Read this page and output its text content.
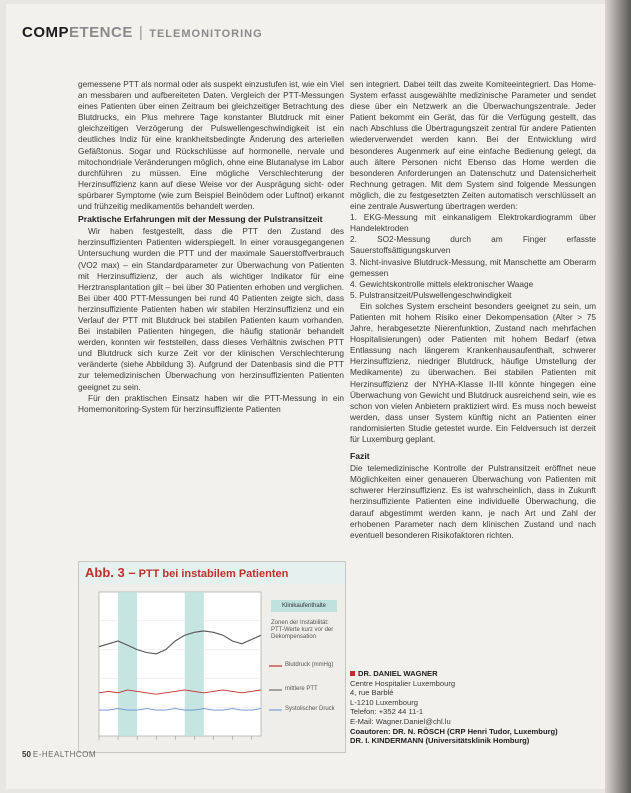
COMPETENCE | TELEMONITORING

gemessene PTT als normal oder als suspekt einzustufen ist, wie ein Viel an messbaren und aufbereiteten Daten. Vergleich der PTT-Messungen eines Patienten über einen Zeitraum bei gleichzeitiger Betrachtung des Blutdrucks, ein Plus mehrere Tage konstanter Blutdruck mit einer gleichzeitigen Verzögerung der Pulswellengeschwindigkeit ist ein deutliches Indiz für eine krankheitsbedingte Änderung des arteriellen Gefäßtonus. Sogar und Rückschlüsse auf hormonelle, nervale und mitochondriale Veränderungen möglich, ohne eine Blutanalyse im Labor durchführen zu müssen. Eine mögliche Verschlechterung der Herzinsuffizienz kann auf diese Weise vor der Ausprägung sicht- oder spürbarer Symptome (wie zum Beispiel Beinödem oder Luftnot) erkannt und frühzeitig medikamentös behandelt werden.

Praktische Erfahrungen mit der Messung der Pulstransitzeit

Wir haben festgestellt, dass die PTT den Zustand des herzinsuffizienten Patienten widerspiegelt. In einer vorausgegangenen Untersuchung wurden die PTT und der maximale Sauerstoffverbrauch (VO2 max) – ein Standardparameter zur Überwachung von Patienten mit Herzinsuffizienz, der auch als wichtiger Indikator für eine Herztransplantation gilt – bei über 30 Patienten erhoben und verglichen. Bei über 400 PTT-Messungen bei rund 40 Patienten zeigte sich, dass herzinsuffiziente Patienten haben wir stabilen Herzinsuffizienz und ein Verlauf der PTT mit Blutdruck bei stabilen Patienten kaum vorhanden. Bei instabilen Patienten hingegen, die häufig stationär behandelt werden, konnten wir feststellen, dass dieses Verhältnis zwischen PTT und Blutdruck sich kurze Zeit vor der klinischen Verschlechterung veränderte (siehe Abbildung 3). Aufgrund der Datenbasis sind die PTT zur telemedizinischen Überwachung von herzinsuffizienten Patienten geeignet zu sein.

Für den praktischen Einsatz haben wir die PTT-Messung in ein Homemonitoring-System für herzinsuffiziente Patienten

sen integriert. Dabei teilt das zweite Komiteeintegriert. Das Home-System erfasst ausgewählte medizinische Parameter und sendet diese über ein Netzwerk an die Überwachungszentrale. Jeder Patient bekommt ein Gerät, das für die Verfügung gestellt, das nach Abschluss die Übertragungszeit zentral für andere Patienten wiederverwendet werden kann. Bei der Entwicklung wird besonderes Augenmerk auf eine einfache Bedienung gelegt, da auch ältere Personen nicht Ebenso das Home werden die besonderen Anforderungen an Datenschutz und Datensicherheit Rechnung getragen. Mit dem System sind folgende Messungen möglich, die zu festgesetzten Zeiten automatisch verschlüsselt an eine zentrale Auswertung übertragen werden:

1. EKG-Messung mit einkanaligem Elektrokardiogramm über Handelektroden
2. SO2-Messung durch am Finger erfasste Sauerstoffsättigungskurven
3. Nicht-invasive Blutdruck-Messung, mit Manschette am Oberarm gemessen
4. Gewichtskontrolle mittels elektronischer Waage
5. Pulstransitzeit/Pulswellengeschwindigkeit

Ein solches System erscheint besonders geeignet zu sein, um Patienten mit hohem Risiko einer Dekompensation (Alter > 75 Jahre, herabgesetzte Nierenfunktion, Zustand nach mehrfachen Hospitalisierungen) oder Patienten mit hohem Bedarf (etwa Entlassung nach längerem Krankenhausaufenthalt, schwerer Herzinsuffizienz, niedriger Blutdruck, häufige Umstellung der Medikamente) zu überwachen. Bei stabilen Patienten mit Herzinsuffizienz der NYHA-Klasse II-III könnte hingegen eine Überwachung von Gewicht und Blutdruck ausreichend sein, wie es schon von vielen Anbietern praktiziert wird. Es muss noch beweist werden, dass unser System künftig nicht an Patienten einer randomisierten Studie getestet wurde. Ein Feldversuch ist derzeit für Luxemburg geplant.

Fazit

Die telemedizinische Kontrolle der Pulstransitzeit eröffnet neue Möglichkeiten einer genaueren Überwachung von Patienten mit schwerer Herzinsuffizienz. Es ist wahrscheinlich, dass in Zukunft herzinsuffiziente Patienten eine individuelle Überwachung, die darauf abgestimmt werden kann, je nach Art und Zahl der erhobenen Parameter nach dem klinischen Zustand und nach eventuell besonderen Risikofaktoren richten.

Abb. 3 – PTT bei instabilem Patienten
Klinikaufenthalte
Zonen der Instabilität: PTT-Werte kurz vor der Dekompensation
Blutdruck (mmHg)
mittlere PTT
Systolischer Druck
DR. DANIEL WAGNER
Centre Hospitalier Luxembourg
4, rue Barblé
L-1210 Luxembourg
Telefon: +352 44 11-1
E-Mail: Wagner.Daniel@chl.lu
Coautoren: DR. N. RÖSCH (CRP Henri Tudor, Luxemburg)
DR. I. KINDERMANN (Universitätsklinik Homburg)
50 E-HEALTHCOM
